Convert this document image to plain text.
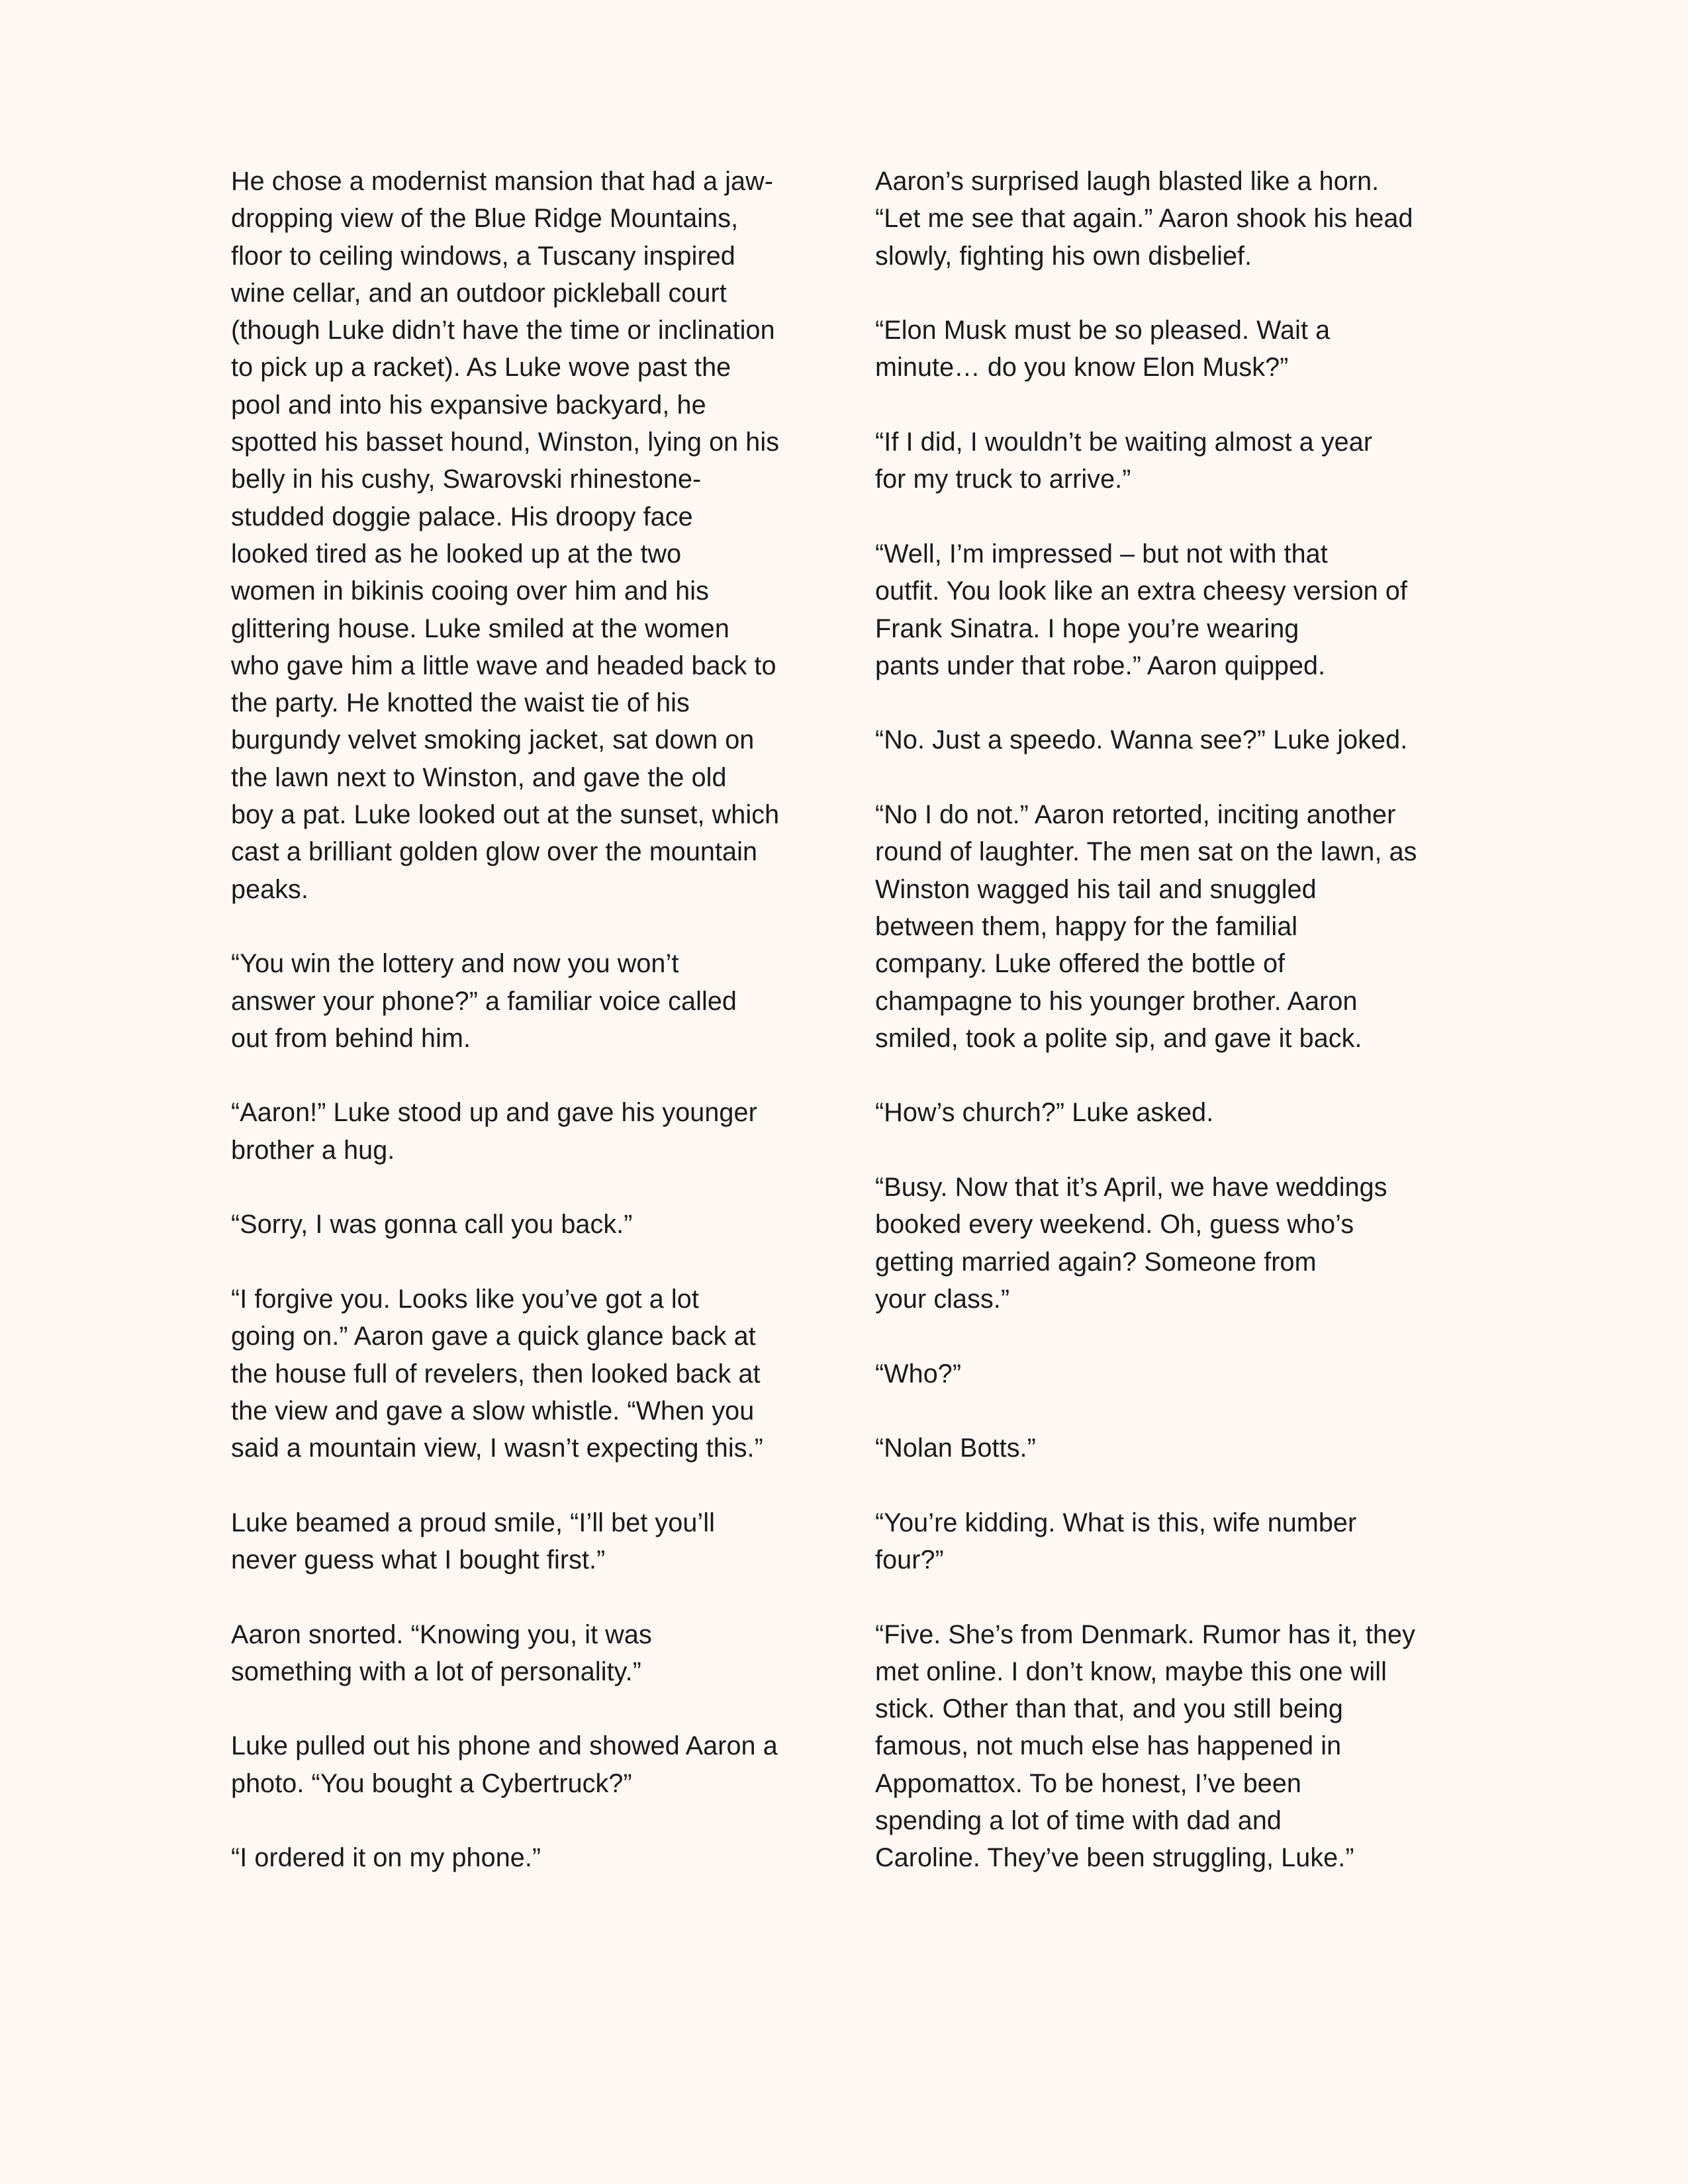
He chose a modernist mansion that had a jaw-
dropping view of the Blue Ridge Mountains,
floor to ceiling windows, a Tuscany inspired
wine cellar, and an outdoor pickleball court
(though Luke didn’t have the time or inclination
to pick up a racket). As Luke wove past the
pool and into his expansive backyard, he
spotted his basset hound, Winston, lying on his
belly in his cushy, Swarovski rhinestone-
studded doggie palace. His droopy face
looked tired as he looked up at the two
women in bikinis cooing over him and his
glittering house. Luke smiled at the women
who gave him a little wave and headed back to
the party. He knotted the waist tie of his
burgundy velvet smoking jacket, sat down on
the lawn next to Winston, and gave the old
boy a pat. Luke looked out at the sunset, which
cast a brilliant golden glow over the mountain
peaks.

“You win the lottery and now you won’t
answer your phone?” a familiar voice called
out from behind him.

“Aaron!” Luke stood up and gave his younger
brother a hug.

“Sorry, I was gonna call you back.”

“I forgive you. Looks like you’ve got a lot
going on.” Aaron gave a quick glance back at
the house full of revelers, then looked back at
the view and gave a slow whistle. “When you
said a mountain view, I wasn’t expecting this.”

Luke beamed a proud smile, “I’ll bet you’ll
never guess what I bought first.”

Aaron snorted. “Knowing you, it was
something with a lot of personality.”

Luke pulled out his phone and showed Aaron a
photo. “You bought a Cybertruck?”

“I ordered it on my phone.”

Aaron’s surprised laugh blasted like a horn.
“Let me see that again.” Aaron shook his head
slowly, fighting his own disbelief.

“Elon Musk must be so pleased. Wait a
minute… do you know Elon Musk?”

“If I did, I wouldn’t be waiting almost a year
for my truck to arrive.”

“Well, I’m impressed – but not with that
outfit. You look like an extra cheesy version of
Frank Sinatra. I hope you’re wearing
pants under that robe.” Aaron quipped.

“No. Just a speedo. Wanna see?” Luke joked.

“No I do not.” Aaron retorted, inciting another
round of laughter. The men sat on the lawn, as
Winston wagged his tail and snuggled
between them, happy for the familial
company. Luke offered the bottle of
champagne to his younger brother. Aaron
smiled, took a polite sip, and gave it back.

“How’s church?” Luke asked.

“Busy. Now that it’s April, we have weddings
booked every weekend. Oh, guess who’s
getting married again? Someone from
your class.”

“Who?”

“Nolan Botts.”

“You’re kidding. What is this, wife number
four?”

“Five. She’s from Denmark. Rumor has it, they
met online. I don’t know, maybe this one will
stick. Other than that, and you still being
famous, not much else has happened in
Appomattox. To be honest, I’ve been
spending a lot of time with dad and
Caroline. They’ve been struggling, Luke.”
